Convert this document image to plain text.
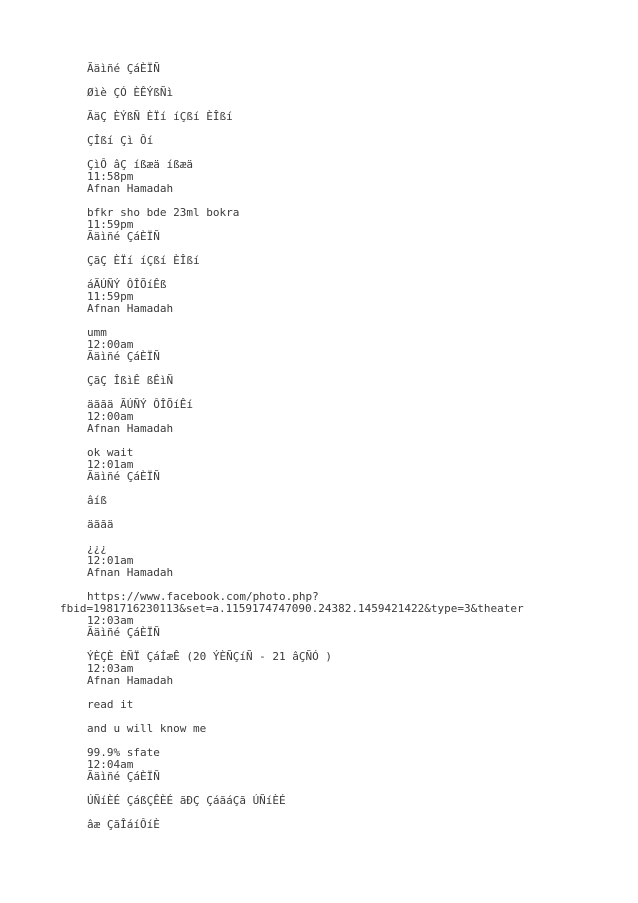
Ãäìñé ÇáÈÏÑ
Øìè ÇÓ ÈÊÝßÑì
ÃäÇ ÈÝßÑ ÈÏí íÇßí ÈÎßí
ÇÎßí Çì Ôí
ÇìÔ âÇ íßæä íßæä
11:58pm
Afnan Hamadah
bfkr sho bde 23ml bokra
11:59pm
Ãäìñé ÇáÈÏÑ
ÇãÇ ÈÏí íÇßí ÈÎßí
áÃÚÑÝ ÔÎÕíÊß
11:59pm
Afnan Hamadah
umm
12:00am
Ãäìñé ÇáÈÏÑ
ÇãÇ ÎßìÊ ßÊìÑ
äããä ÃÚÑÝ ÔÎÕíÊí
12:00am
Afnan Hamadah
ok wait
12:01am
Ãäìñé ÇáÈÏÑ
âíß
äããä
¿¿¿
12:01am
Afnan Hamadah
https://www.facebook.com/photo.php?
fbid=1981716230113&set=a.1159174747090.24382.1459421422&type=3&theater
12:03am
Ãäìñé ÇáÈÏÑ
ÝÈÇÈ ÈÑÏ ÇáÍæÊ (20 ÝÈÑÇíÑ - 21 âÇÑÓ )
12:03am
Afnan Hamadah
read it
and u will know me
99.9% sfate
12:04am
Ãäìñé ÇáÈÏÑ
ÚÑíÈÉ ÇáßÇÊÈÉ ãÐÇ ÇáãáÇã ÚÑíÈÉ
âæ ÇãÎáíÔíÈ
